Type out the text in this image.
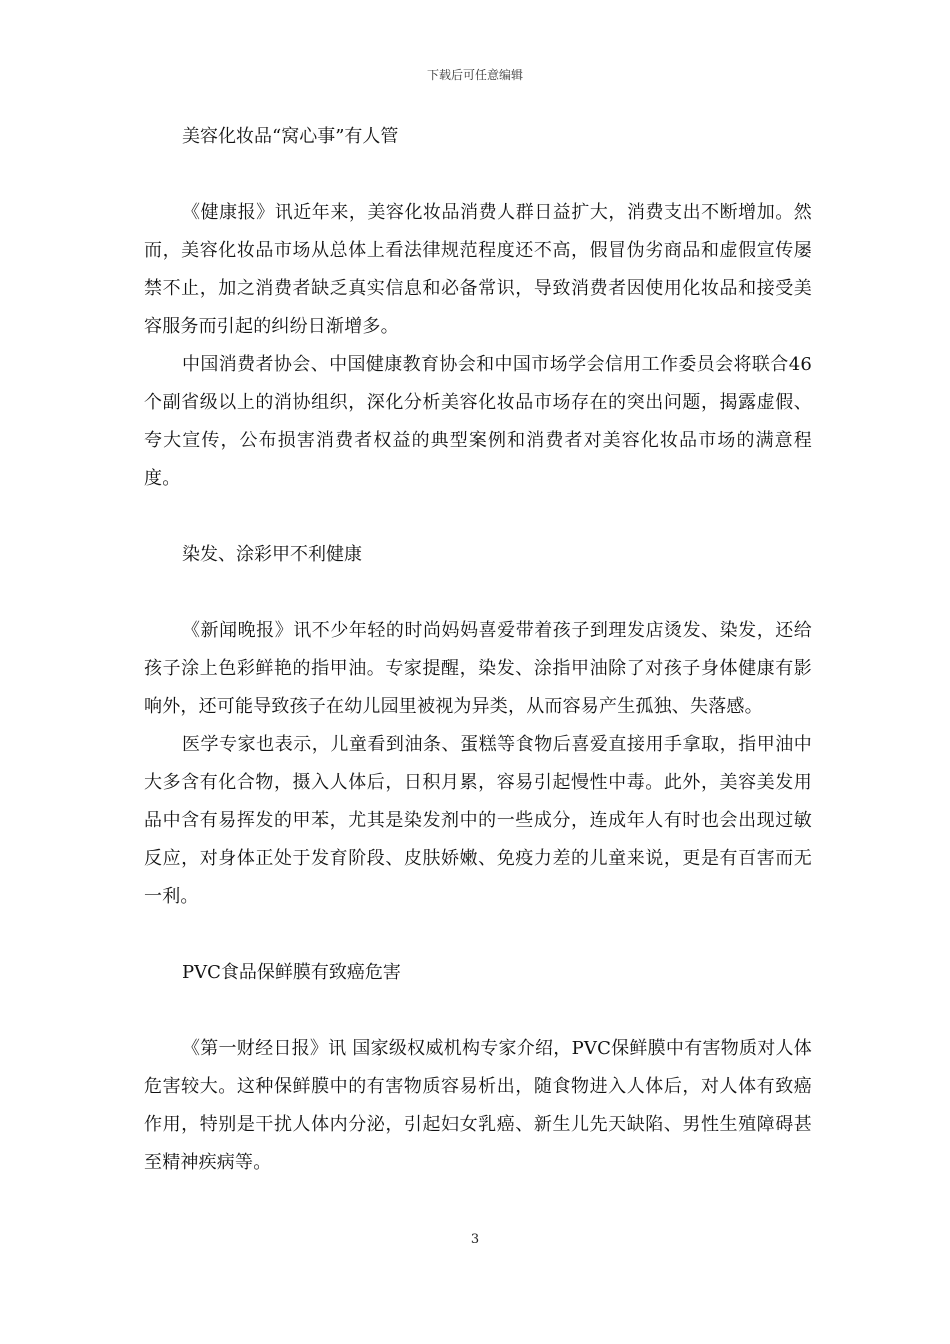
下载后可任意编辑
美容化妆品“窝心事”有人管

《健康报》讯近年来，美容化妆品消费人群日益扩大，消费支出不断增加。然而，美容化妆品市场从总体上看法律规范程度还不高，假冒伪劣商品和虚假宣传屡禁不止，加之消费者缺乏真实信息和必备常识，导致消费者因使用化妆品和接受美容服务而引起的纠纷日渐增多。

中国消费者协会、中国健康教育协会和中国市场学会信用工作委员会将联合46个副省级以上的消协组织，深化分析美容化妆品市场存在的突出问题，揭露虚假、夸大宣传，公布损害消费者权益的典型案例和消费者对美容化妆品市场的满意程度。

染发、涂彩甲不利健康

《新闻晚报》讯不少年轻的时尚妈妈喜爱带着孩子到理发店烫发、染发，还给孩子涂上色彩鲜艳的指甲油。专家提醒，染发、涂指甲油除了对孩子身体健康有影响外，还可能导致孩子在幼儿园里被视为异类，从而容易产生孤独、失落感。

医学专家也表示，儿童看到油条、蛋糕等食物后喜爱直接用手拿取，指甲油中大多含有化合物，摄入人体后，日积月累，容易引起慢性中毒。此外，美容美发用品中含有易挥发的甲苯，尤其是染发剂中的一些成分，连成年人有时也会出现过敏反应，对身体正处于发育阶段、皮肤娇嫩、免疫力差的儿童来说，更是有百害而无一利。

PVC食品保鲜膜有致癌危害

《第一财经日报》讯 国家级权威机构专家介绍，PVC保鲜膜中有害物质对人体危害较大。这种保鲜膜中的有害物质容易析出，随食物进入人体后，对人体有致癌作用，特别是干扰人体内分泌，引起妇女乳癌、新生儿先天缺陷、男性生殖障碍甚至精神疾病等。

3
